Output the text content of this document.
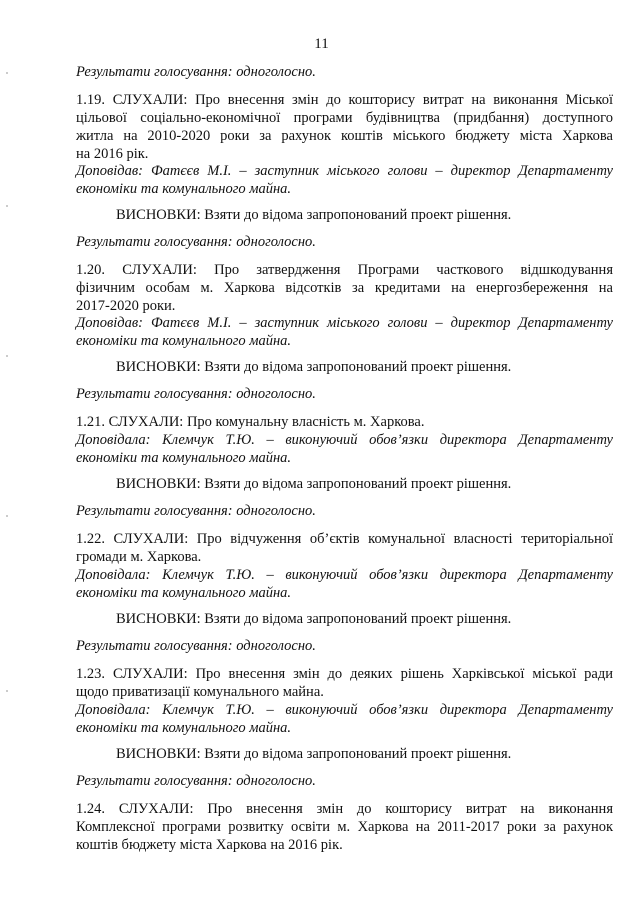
11
Результати голосування: одноголосно.
1.19. СЛУХАЛИ: Про внесення змін до кошторису витрат на виконання Міської
цільової соціально-економічної програми будівництва (придбання) доступного
житла на 2010-2020 роки за рахунок коштів міського бюджету міста Харкова
на 2016 рік.
Доповідав: Фатєєв М.І. – заступник міського голови – директор Департаменту
економіки та комунального майна.
ВИСНОВКИ: Взяти до відома запропонований проект рішення.
Результати голосування: одноголосно.
1.20. СЛУХАЛИ: Про затвердження Програми часткового відшкодування
фізичним особам м. Харкова відсотків за кредитами на енергозбереження на
2017-2020 роки.
Доповідав: Фатєєв М.І. – заступник міського голови – директор Департаменту
економіки та комунального майна.
ВИСНОВКИ: Взяти до відома запропонований проект рішення.
Результати голосування: одноголосно.
1.21. СЛУХАЛИ: Про комунальну власність м. Харкова.
Доповідала: Клемчук Т.Ю. – виконуючий обов’язки директора Департаменту
економіки та комунального майна.
ВИСНОВКИ: Взяти до відома запропонований проект рішення.
Результати голосування: одноголосно.
1.22. СЛУХАЛИ: Про відчуження об’єктів комунальної власності територіальної
громади м. Харкова.
Доповідала: Клемчук Т.Ю. – виконуючий обов’язки директора Департаменту
економіки та комунального майна.
ВИСНОВКИ: Взяти до відома запропонований проект рішення.
Результати голосування: одноголосно.
1.23. СЛУХАЛИ: Про внесення змін до деяких рішень Харківської міської ради
щодо приватизації комунального майна.
Доповідала: Клемчук Т.Ю. – виконуючий обов’язки директора Департаменту
економіки та комунального майна.
ВИСНОВКИ: Взяти до відома запропонований проект рішення.
Результати голосування: одноголосно.
1.24. СЛУХАЛИ: Про внесення змін до кошторису витрат на виконання
Комплексної програми розвитку освіти м. Харкова на 2011-2017 роки за рахунок
коштів бюджету міста Харкова на 2016 рік.
